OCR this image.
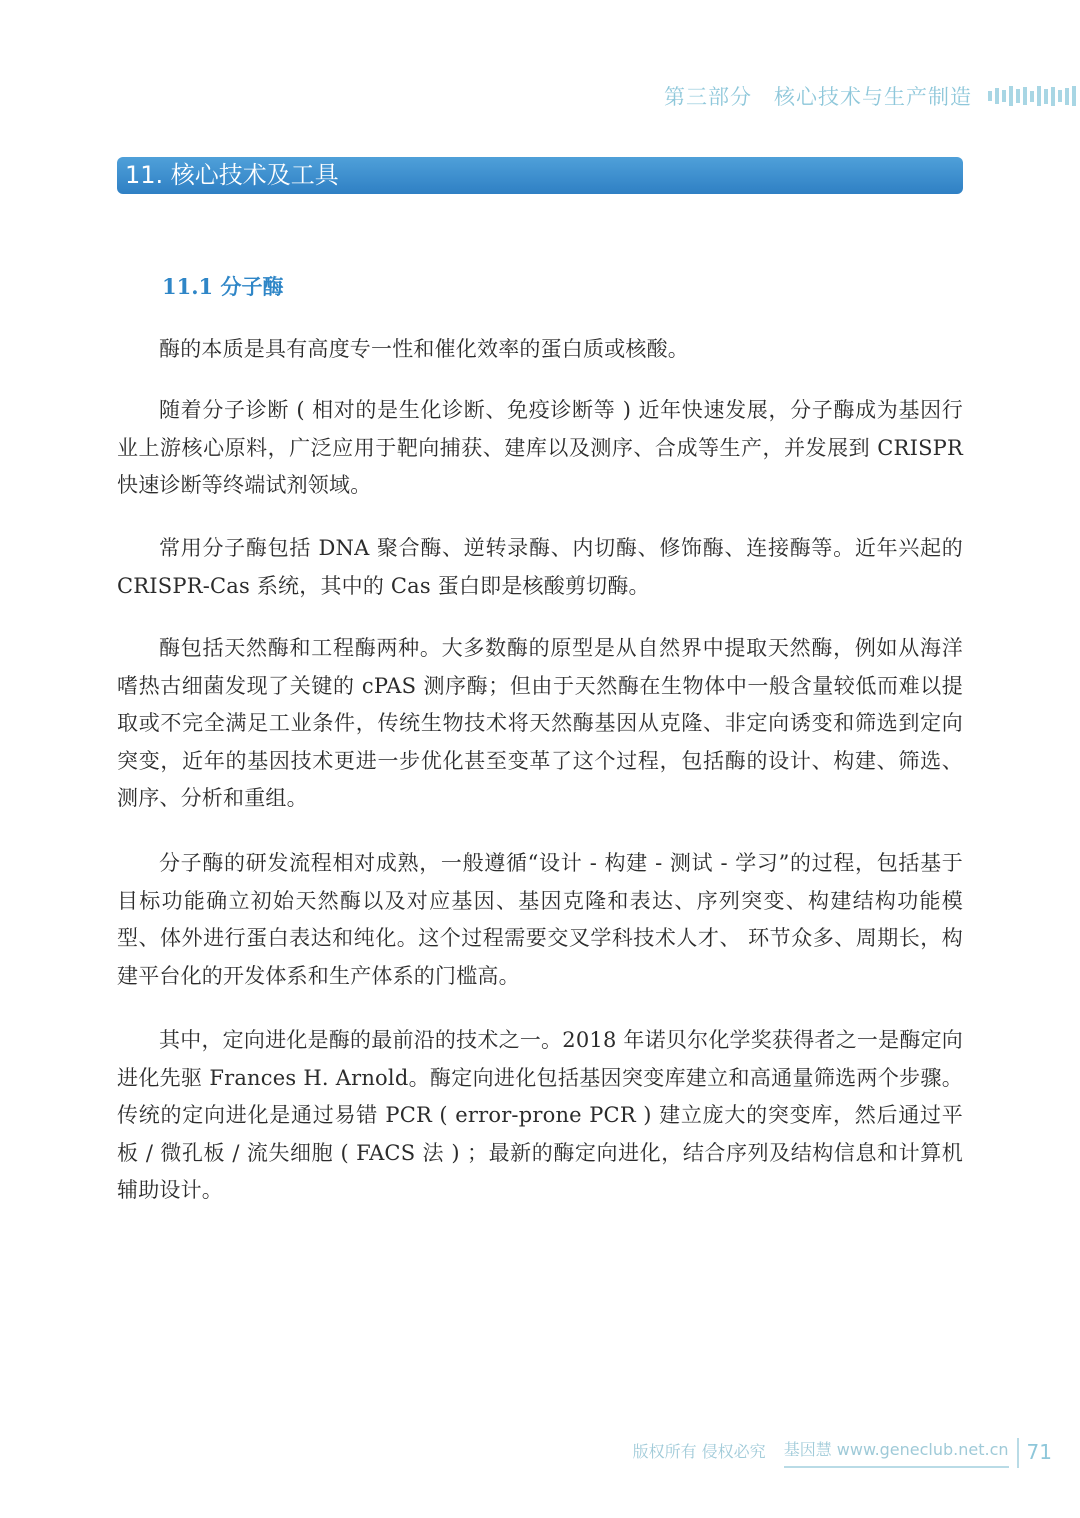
第三部分　核心技术与生产制造
11. 核心技术及工具
11.1 分子酶

酶的本质是具有高度专一性和催化效率的蛋白质或核酸。

随着分子诊断 ( 相对的是生化诊断、免疫诊断等 ) 近年快速发展，分子酶成为基因行业上游核心原料，广泛应用于靶向捕获、建库以及测序、合成等生产，并发展到 CRISPR 快速诊断等终端试剂领域。

常用分子酶包括 DNA 聚合酶、逆转录酶、内切酶、修饰酶、连接酶等。近年兴起的 CRISPR-Cas 系统，其中的 Cas 蛋白即是核酸剪切酶。

酶包括天然酶和工程酶两种。大多数酶的原型是从自然界中提取天然酶，例如从海洋嗜热古细菌发现了关键的 cPAS 测序酶；但由于天然酶在生物体中一般含量较低而难以提取或不完全满足工业条件，传统生物技术将天然酶基因从克隆、非定向诱变和筛选到定向突变，近年的基因技术更进一步优化甚至变革了这个过程，包括酶的设计、构建、筛选、测序、分析和重组。

分子酶的研发流程相对成熟，一般遵循“设计 - 构建 - 测试 - 学习”的过程，包括基于目标功能确立初始天然酶以及对应基因、基因克隆和表达、序列突变、构建结构功能模型、体外进行蛋白表达和纯化。这个过程需要交叉学科技术人才、 环节众多、周期长，构建平台化的开发体系和生产体系的门槛高。

其中，定向进化是酶的最前沿的技术之一。2018 年诺贝尔化学奖获得者之一是酶定向进化先驱 Frances H. Arnold。酶定向进化包括基因突变库建立和高通量筛选两个步骤。传统的定向进化是通过易错 PCR ( error-prone PCR ) 建立庞大的突变库，然后通过平板 / 微孔板 / 流失细胞 ( FACS 法 ) ；最新的酶定向进化，结合序列及结构信息和计算机辅助设计。

版权所有 侵权必究 基因慧 www.geneclub.net.cn 71
